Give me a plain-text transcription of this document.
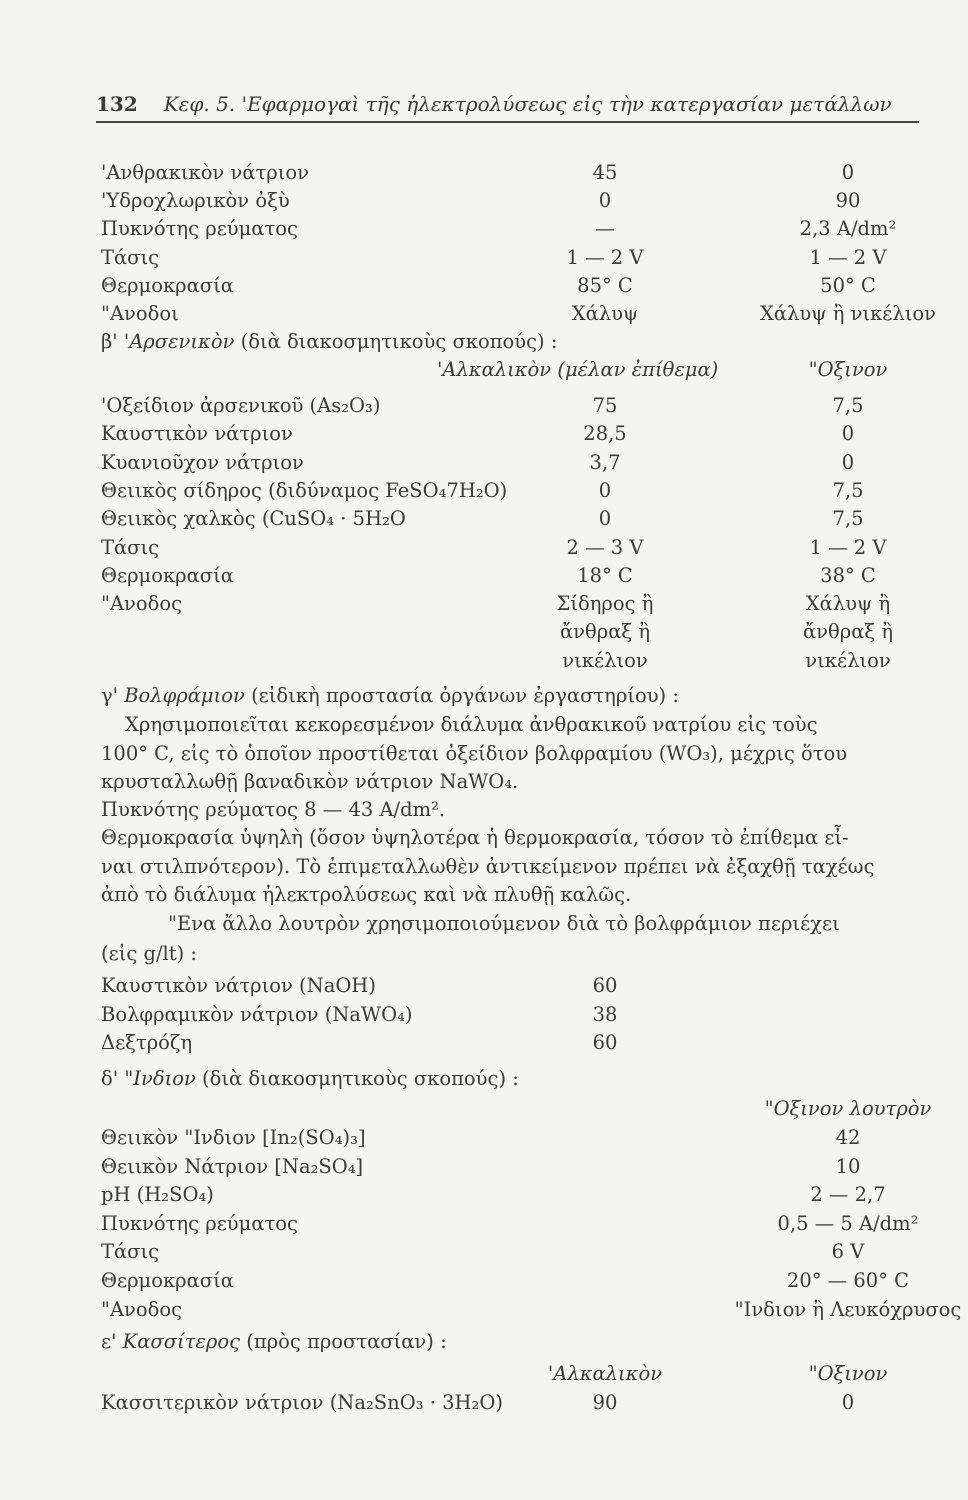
132 Κεφ. 5. 'Εφαρμογαὶ τῆς ἠλεκτρολύσεως εἰς τὴν κατεργασίαν μετάλλων
'Ανθρακικὸν νάτριον	45	0
'Υδροχλωρικὸν ὀξὺ	0	90
Πυκνότης ρεύματος	—	2,3 A/dm²
Τάσις	1 — 2 V	1 — 2 V
Θερμοκρασία	85° C	50° C
"Ανοδοι	Χάλυψ	Χάλυψ ἢ νικέλιον
β' 'Αρσενικὸν (διὰ διακοσμητικοὺς σκοπούς) :
'Αλκαλικὸν (μέλαν ἐπίθεμα)	"Οξινον
'Οξείδιον ἀρσενικοῦ (As₂O₃)	75	7,5
Καυστικὸν νάτριον	28,5	0
Κυανιοῦχον νάτριον	3,7	0
Θειικὸς σίδηρος (διδύναμος FeSO₄7H₂O)	0	7,5
Θειικὸς χαλκὸς (CuSO₄ · 5H₂O	0	7,5
Τάσις	2 — 3 V	1 — 2 V
Θερμοκρασία	18° C	38° C
"Ανοδος	Σίδηρος ἢ	Χάλυψ ἢ
ἄνθραξ ἢ	ἄνθραξ ἢ
νικέλιον	νικέλιον
γ' Βολφράμιον (εἰδικὴ προστασία ὀργάνων ἐργαστηρίου) :
Χρησιμοποιεῖται κεκορεσμένον διάλυμα ἀνθρακικοῦ νατρίου εἰς τοὺς
100° C, εἰς τὸ ὁποῖον προστίθεται ὀξείδιον βολφραμίου (WO₃), μέχρις ὅτου
κρυσταλλωθῇ βαναδικὸν νάτριον NaWO₄.
Πυκνότης ρεύματος 8 — 43 A/dm².
Θερμοκρασία ὑψηλὴ (ὅσον ὑψηλοτέρα ἡ θερμοκρασία, τόσον τὸ ἐπίθεμα εἶ-
ναι στιλπνότερον). Τὸ ἐπιμεταλλωθὲν ἀντικείμενον πρέπει νὰ ἐξαχθῇ ταχέως
ἀπὸ τὸ διάλυμα ἠλεκτρολύσεως καὶ νὰ πλυθῇ καλῶς.
"Ενα ἄλλο λουτρὸν χρησιμοποιούμενον διὰ τὸ βολφράμιον περιέχει
(εἰς g/lt) :
Καυστικὸν νάτριον (NaOH)	60
Βολφραμικὸν νάτριον (NaWO₄)	38
Δεξτρόζη	60
δ' "Ινδιον (διὰ διακοσμητικοὺς σκοπούς) :
"Οξινον λουτρὸν
Θειικὸν "Ινδιον [In₂(SO₄)₃]	42
Θειικὸν Νάτριον [Na₂SO₄]	10
pH (H₂SO₄)	2 — 2,7
Πυκνότης ρεύματος	0,5 — 5 A/dm²
Τάσις	6 V
Θερμοκρασία	20° — 60° C
"Ανοδος	"Ινδιον ἢ Λευκόχρυσος
ε' Κασσίτερος (πρὸς προστασίαν) :
'Αλκαλικὸν	"Οξινον
Κασσιτερικὸν νάτριον (Na₂SnO₃ · 3H₂O)	90	0
